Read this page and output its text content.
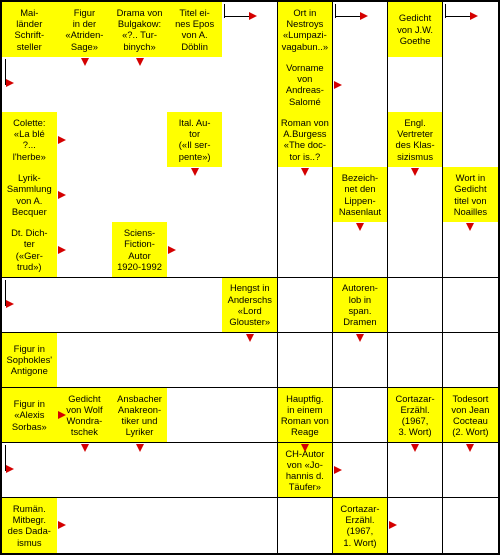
Mai-
länder
Schrift-
steller
Figur
in der
«Atriden-
Sage»
Drama von
Bulgakow:
«?.. Tur-
binych»
Titel ei-
nes Epos
von A.
Döblin
Ort in
Nestroys
«Lumpazi-
vagabun..»
Gedicht
von J.W.
Goethe
Vorname
von
Andreas-
Salomé
Colette:
«La blé
?...
l'herbe»
Ital. Au-
tor
(«Il ser-
pente»)
Roman von
A.Burgess
«The doc-
tor is..?
Engl.
Vertreter
des Klas-
sizismus
Lyrik-
Sammlung
von A.
Becquer
Bezeich-
net den
Lippen-
Nasenlaut
Wort in
Gedicht
titel von
Noailles
Dt. Dich-
ter
(«Ger-
trud»)
Sciens-
Fiction-
Autor
1920-1992
Hengst in
Anderschs
«Lord
Glouster»
Autoren-
lob in
span.
Dramen
Figur in
Sophokles'
Antigone
Figur in
«Alexis
Sorbas»
Gedicht
von Wolf
Wondra-
tschek
Ansbacher
Anakreon-
tiker und
Lyriker
Hauptfig.
in einem
Roman von
Reage
Cortazar-
Erzähl.
(1967,
3. Wort)
Todesort
von Jean
Cocteau
(2. Wort)
CH-Autor
von «Jo-
hannis d.
Täufer»
Rumän.
Mitbegr.
des Dada-
ismus
Cortazar-
Erzähl.
(1967,
1. Wort)
